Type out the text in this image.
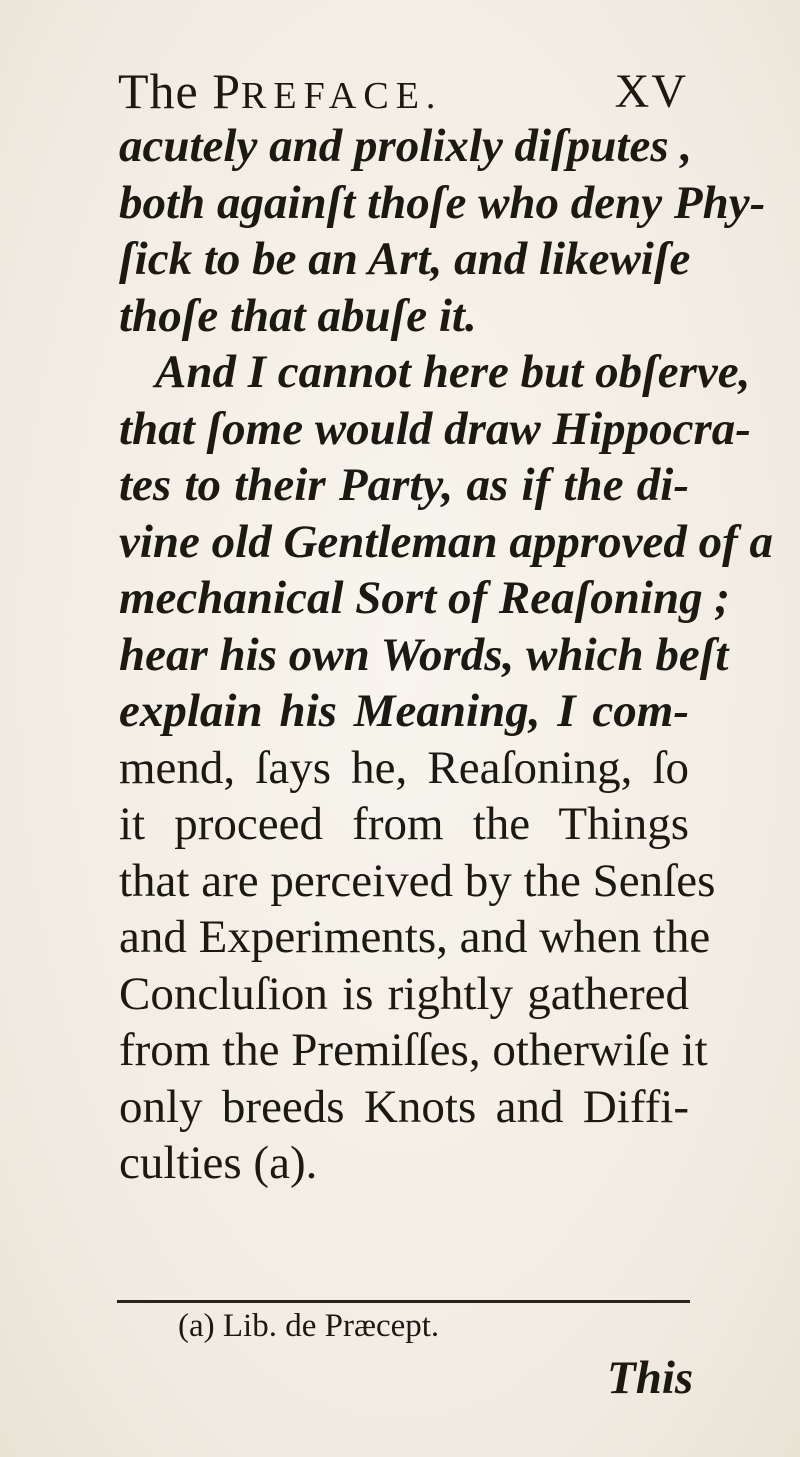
The PREFACE.	XV
acutely and prolixly diſputes ,
both againſt thoſe who deny Phy-
ſick to be an Art, and likewiſe
thoſe that abuſe it.
And I cannot here but obſerve,
that ſome would draw Hippocra-
tes to their Party, as if the di-
vine old Gentleman approved of a
mechanical Sort of Reaſoning ;
hear his own Words, which beſt
explain his Meaning, I com-
mend, ſays he, Reaſoning, ſo
it proceed from the Things
that are perceived by the Senſes
and Experiments, and when the
Concluſion is rightly gathered
from the Premiſſes, otherwiſe it
only breeds Knots and Diffi-
culties (a).
(a) Lib. de Præcept.
This
